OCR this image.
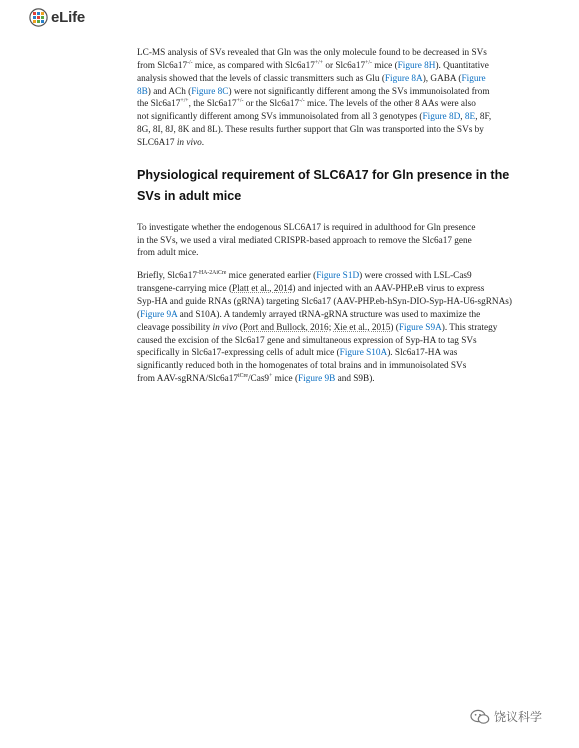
eLife

LC-MS analysis of SVs revealed that Gln was the only molecule found to be decreased in SVs

from Slc6a17-/- mice, as compared with Slc6a17+/+ or Slc6a17+/- mice (Figure 8H). Quantitative

analysis showed that the levels of classic transmitters such as Glu (Figure 8A), GABA (Figure

8B) and ACh (Figure 8C) were not significantly different among the SVs immunoisolated from

the Slc6a17+/+, the Slc6a17+/- or the Slc6a17-/- mice. The levels of the other 8 AAs were also

not significantly different among SVs immunoisolated from all 3 genotypes (Figure 8D, 8E, 8F,

8G, 8I, 8J, 8K and 8L). These results further support that Gln was transported into the SVs by

SLC6A17 in vivo.

Physiological requirement of SLC6A17 for Gln presence in the
SVs in adult mice

To investigate whether the endogenous SLC6A17 is required in adulthood for Gln presence

in the SVs, we used a viral mediated CRISPR-based approach to remove the Slc6a17 gene

from adult mice.

Briefly, $Slc6a17^{-HA-2AiCre}$ mice generated earlier (Figure S1D) were crossed with LSL-Cas9

transgene-carrying mice (Platt et al., 2014) and injected with an AAV-PHP.eB virus to express

Syp-HA and guide RNAs (gRNA) targeting Slc6a17 (AAV-PHP.eb-hSyn-DIO-Syp-HA-U6-sgRNAs)

(Figure 9A and S10A). A tandemly arrayed tRNA-gRNA structure was used to maximize the

cleavage possibility in vivo (Port and Bullock, 2016; Xie et al., 2015) (Figure S9A). This strategy

caused the excision of the Slc6a17 gene and simultaneous expression of Syp-HA to tag SVs

specifically in Slc6a17-expressing cells of adult mice (Figure S10A). Slc6a17-HA was

significantly reduced both in the homogenates of total brains and in immunoisolated SVs

from AAV-$sgRNA/Slc6a17^{iCre}/Cas9^+$ mice (Figure 9B and S9B).

饶议科学
